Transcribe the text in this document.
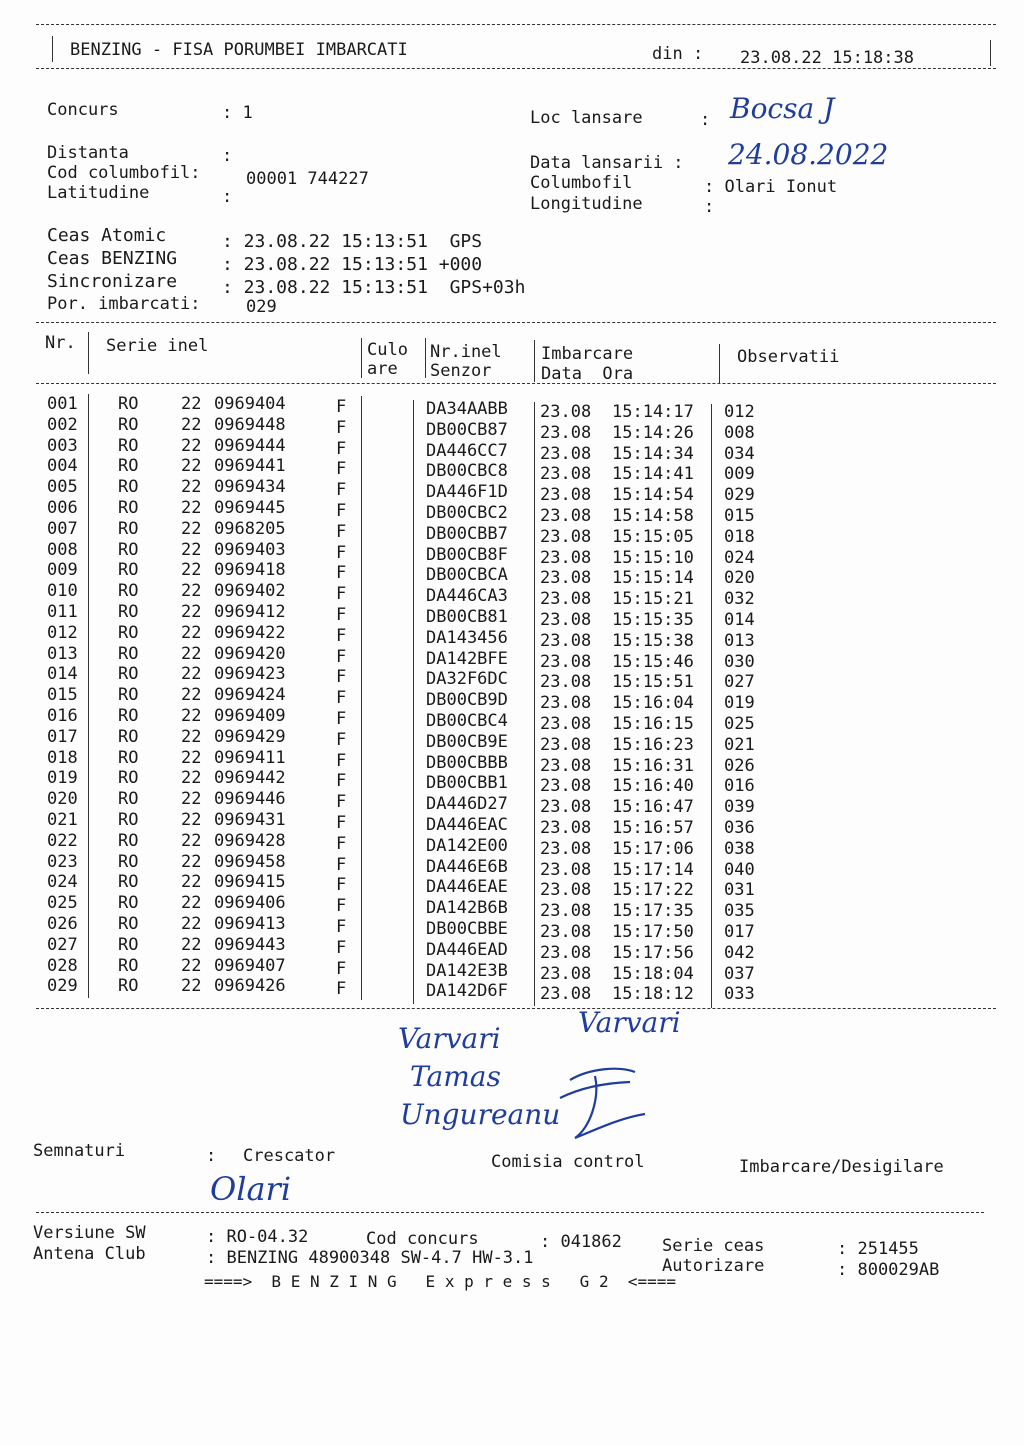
BENZING - FISA PORUMBEI IMBARCATI	din : 23.08.22 15:18:38
Concurs	: 1	Loc lansare	: Bocsa J
Distanta	:
Cod columbofil:	00001 744227
Latitudine	:
Data lansarii : 24.08.2022
Columbofil	: Olari Ionut
Longitudine	:
Ceas Atomic	: 23.08.22 15:13:51  GPS
Ceas BENZING : 23.08.22 15:13:51 +000
Sincronizare : 23.08.22 15:13:51  GPS+03h
Por. imbarcati:	029
Nr. Serie inel	Culo
are
Nr.inel
Senzor
Imbarcare
Data  Ora
Observatii
001 RO	22 0969404	F	DA34AABB 23.08 15:14:17 012
002 RO	22 0969448	F	DB00CB87 23.08 15:14:26 008
003 RO	22 0969444	F	DA446CC7 23.08 15:14:34 034
004 RO	22 0969441	F	DB00CBC8 23.08 15:14:41 009
005 RO	22 0969434	F	DA446F1D 23.08 15:14:54 029
006 RO	22 0969445	F	DB00CBC2 23.08 15:14:58 015
007 RO	22 0968205	F	DB00CBB7 23.08 15:15:05 018
008 RO	22 0969403	F	DB00CB8F 23.08 15:15:10 024
009 RO	22 0969418	F	DB00CBCA 23.08 15:15:14 020
010 RO	22 0969402	F	DA446CA3 23.08 15:15:21 032
011 RO	22 0969412	F	DB00CB81 23.08 15:15:35 014
012 RO	22 0969422	F	DA143456 23.08 15:15:38 013
013 RO	22 0969420	F	DA142BFE 23.08 15:15:46 030
014 RO	22 0969423	F	DA32F6DC 23.08 15:15:51 027
015 RO	22 0969424	F	DB00CB9D 23.08 15:16:04 019
016 RO	22 0969409	F	DB00CBC4 23.08 15:16:15 025
017 RO	22 0969429	F	DB00CB9E 23.08 15:16:23 021
018 RO	22 0969411	F	DB00CBBB 23.08 15:16:31 026
019 RO	22 0969442	F	DB00CBB1 23.08 15:16:40 016
020 RO	22 0969446	F	DA446D27 23.08 15:16:47 039
021 RO	22 0969431	F	DA446EAC 23.08 15:16:57 036
022 RO	22 0969428	F	DA142E00 23.08 15:17:06 038
023 RO	22 0969458	F	DA446E6B 23.08 15:17:14 040
024 RO	22 0969415	F	DA446EAE 23.08 15:17:22 031
025 RO	22 0969406	F	DA142B6B 23.08 15:17:35 035
026 RO	22 0969413	F	DB00CBBE 23.08 15:17:50 017
027 RO	22 0969443	F	DA446EAD 23.08 15:17:56 042
028 RO	22 0969407	F	DA142E3B 23.08 15:18:04 037
029 RO	22 0969426	F	DA142D6F 23.08 15:18:12 033
Varvari	Varvari
Tamas
Ungureanu
Semnaturi	: Crescator	Comisia control	Imbarcare/Desigilare
Olari
Versiune SW
Antena Club
: RO-04.32	Cod concurs	: 041862 Serie ceas	: 251455
: BENZING 48900348 SW-4.7 HW-3.1	Autorizare	: 800029AB
====>  B E N Z I N G   E x p r e s s   G 2  <====
